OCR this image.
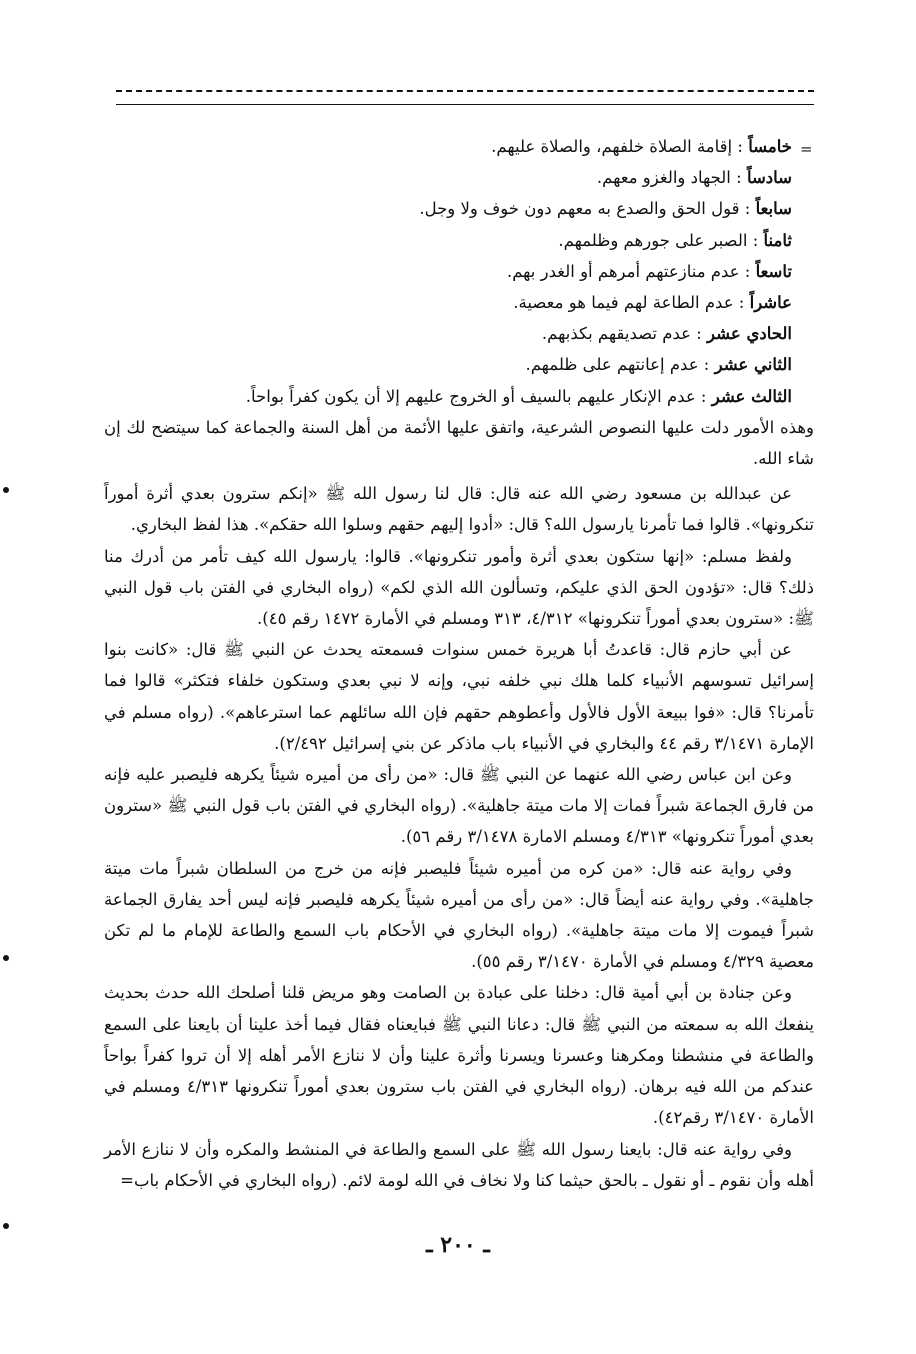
=

خامساً : إقامة الصلاة خلفهم، والصلاة عليهم.

سادساً : الجهاد والغزو معهم.

سابعاً : قول الحق والصدع به معهم دون خوف ولا وجل.

ثامناً : الصبر على جورهم وظلمهم.

تاسعاً : عدم منازعتهم أمرهم أو الغدر بهم.

عاشراً : عدم الطاعة لهم فيما هو معصية.

الحادي عشر : عدم تصديقهم بكذبهم.

الثاني عشر : عدم إعانتهم على ظلمهم.

الثالث عشر : عدم الإنكار عليهم بالسيف أو الخروج عليهم إلا أن يكون كفراً بواحاً.

وهذه الأمور دلت عليها النصوص الشرعية، واتفق عليها الأئمة من أهل السنة والجماعة كما سيتضح لك إن شاء الله.

عن عبدالله بن مسعود رضي الله عنه قال: قال لنا رسول الله ﷺ «إنكم سترون بعدي أثرة أموراً تنكرونها». قالوا فما تأمرنا يارسول الله؟ قال: «أدوا إليهم حقهم وسلوا الله حقكم». هذا لفظ البخاري.

ولفظ مسلم: «إنها ستكون بعدي أثرة وأمور تنكرونها». قالوا: يارسول الله كيف تأمر من أدرك منا ذلك؟ قال: «تؤدون الحق الذي عليكم، وتسألون الله الذي لكم» (رواه البخاري في الفتن باب قول النبي ﷺ: «سترون بعدي أموراً تنكرونها» ٤/٣١٢، ٣١٣ ومسلم في الأمارة ١٤٧٢ رقم ٤٥).

عن أبي حازم قال: قاعدتُ أبا هريرة خمس سنوات فسمعته يحدث عن النبي ﷺ قال: «كانت بنوا إسرائيل تسوسهم الأنبياء كلما هلك نبي خلفه نبي، وإنه لا نبي بعدي وستكون خلفاء فتكثر» قالوا فما تأمرنا؟ قال: «فوا ببيعة الأول فالأول وأعطوهم حقهم فإن الله سائلهم عما استرعاهم». (رواه مسلم في الإمارة ٣/١٤٧١ رقم ٤٤ والبخاري في الأنبياء باب ماذكر عن بني إسرائيل ٢/٤٩٢).

وعن ابن عباس رضي الله عنهما عن النبي ﷺ قال: «من رأى من أميره شيئاً يكرهه فليصبر عليه فإنه من فارق الجماعة شبراً فمات إلا مات ميتة جاهلية». (رواه البخاري في الفتن باب قول النبي ﷺ «سترون بعدي أموراً تنكرونها» ٤/٣١٣ ومسلم الامارة ٣/١٤٧٨ رقم ٥٦).

وفي رواية عنه قال: «من كره من أميره شيئاً فليصبر فإنه من خرج من السلطان شبراً مات ميتة جاهلية». وفي رواية عنه أيضاً قال: «من رأى من أميره شيئاً يكرهه فليصبر فإنه ليس أحد يفارق الجماعة شبراً فيموت إلا مات ميتة جاهلية». (رواه البخاري في الأحكام باب السمع والطاعة للإمام ما لم تكن معصية ٤/٣٢٩ ومسلم في الأمارة ٣/١٤٧٠ رقم ٥٥).

وعن جنادة بن أبي أمية قال: دخلنا على عبادة بن الصامت وهو مريض قلنا أصلحك الله حدث بحديث ينفعك الله به سمعته من النبي ﷺ قال: دعانا النبي ﷺ فبايعناه فقال فيما أخذ علينا أن بايعنا على السمع والطاعة في منشطنا ومكرهنا وعسرنا ويسرنا وأثرة علينا وأن لا ننازع الأمر أهله إلا أن تروا كفراً بواحاً عندكم من الله فيه برهان. (رواه البخاري في الفتن باب سترون بعدي أموراً تنكرونها ٤/٣١٣ ومسلم في الأمارة ٣/١٤٧٠ رقم٤٢).

وفي رواية عنه قال: بايعنا رسول الله ﷺ على السمع والطاعة في المنشط والمكره وأن لا ننازع الأمر أهله وأن نقوم ـ أو نقول ـ بالحق حيثما كنا ولا نخاف في الله لومة لائم. (رواه البخاري في الأحكام باب=

ـ ٢٠٠ ـ
